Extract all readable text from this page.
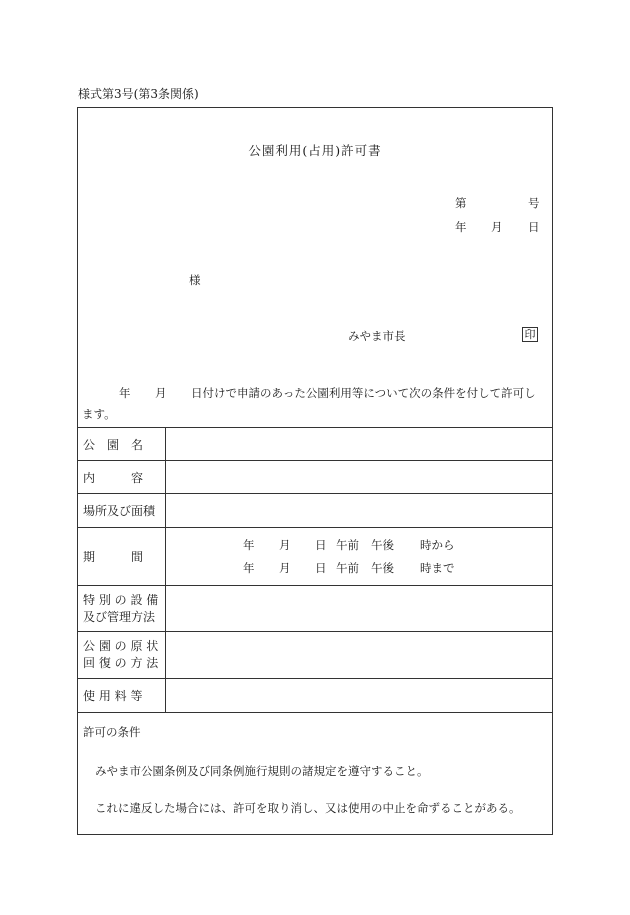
様式第3号(第3条関係)
公園利用(占用)許可書
第	号
年 月 日
様
みやま市長	印
年 月 日付けで申請のあった公園利用等について次の条件を付して許可し
ます。
公　園　名
内　　　容
場所及び面積
期　　　間
特 別 の 設 備
及び管理方法
公 園 の 原 状
回 復 の 方 法
使 用 料 等
年 月 日 午前 午後 時から
年 月 日 午前 午後 時まで
許可の条件
みやま市公園条例及び同条例施行規則の諸規定を遵守すること。
これに違反した場合には、許可を取り消し、又は使用の中止を命ずることがある。
